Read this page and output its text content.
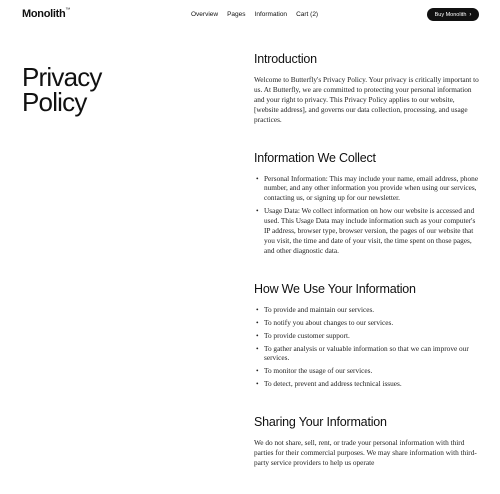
Monolith™
Overview Pages Information Cart (2)	Buy Monolith ›
Privacy
Policy
Introduction

Welcome to Butterfly's Privacy Policy. Your privacy is critically important to us. At Butterfly, we are committed to protecting your personal information and your right to privacy. This Privacy Policy applies to our website, [website address], and governs our data collection, processing, and usage practices.

Information We Collect
• Personal Information: This may include your name, email address, phone number, and any other information you provide when using our services, contacting us, or signing up for our newsletter.
• Usage Data: We collect information on how our website is accessed and used. This Usage Data may include information such as your computer's IP address, browser type, browser version, the pages of our website that you visit, the time and date of your visit, the time spent on those pages, and other diagnostic data.
How We Use Your Information
• To provide and maintain our services.
• To notify you about changes to our services.
• To provide customer support.
• To gather analysis or valuable information so that we can improve our services.
• To monitor the usage of our services.
• To detect, prevent and address technical issues.
Sharing Your Information

We do not share, sell, rent, or trade your personal information with third parties for their commercial purposes. We may share information with third-party service providers to help us operate
